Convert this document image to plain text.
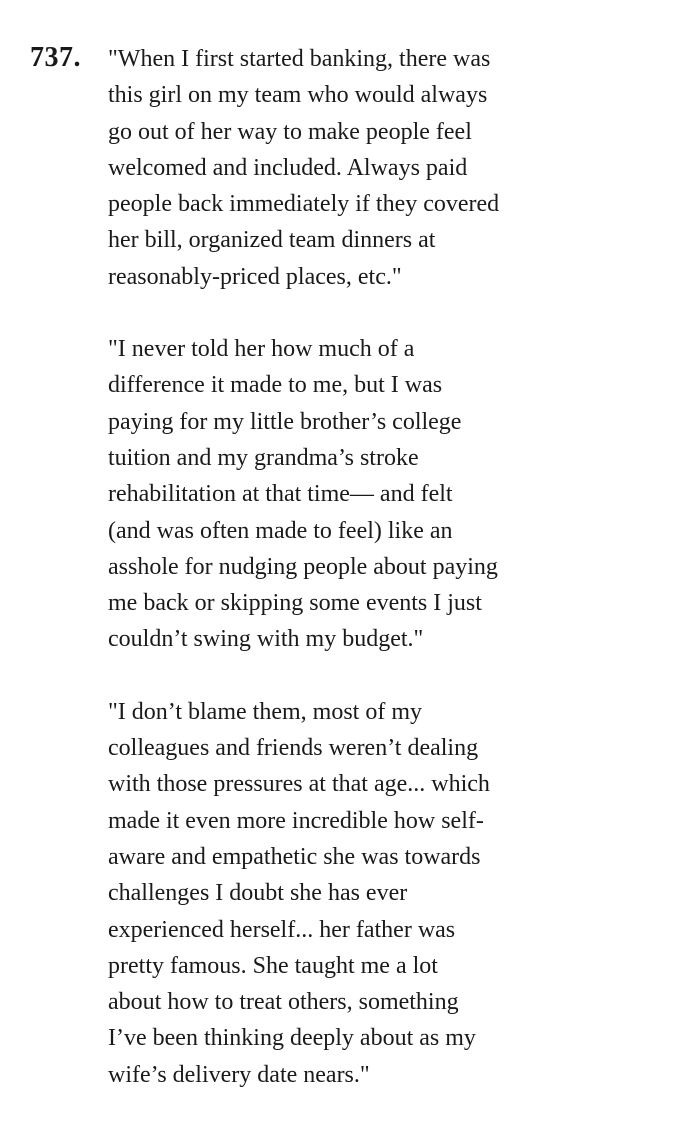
737. "When I first started banking, there was
this girl on my team who would always
go out of her way to make people feel
welcomed and included. Always paid
people back immediately if they covered
her bill, organized team dinners at
reasonably-priced places, etc."

"I never told her how much of a
difference it made to me, but I was
paying for my little brother’s college
tuition and my grandma’s stroke
rehabilitation at that time— and felt
(and was often made to feel) like an
asshole for nudging people about paying
me back or skipping some events I just
couldn’t swing with my budget."

"I don’t blame them, most of my
colleagues and friends weren’t dealing
with those pressures at that age... which
made it even more incredible how self-
aware and empathetic she was towards
challenges I doubt she has ever
experienced herself... her father was
pretty famous. She taught me a lot
about how to treat others, something
I’ve been thinking deeply about as my
wife’s delivery date nears."
